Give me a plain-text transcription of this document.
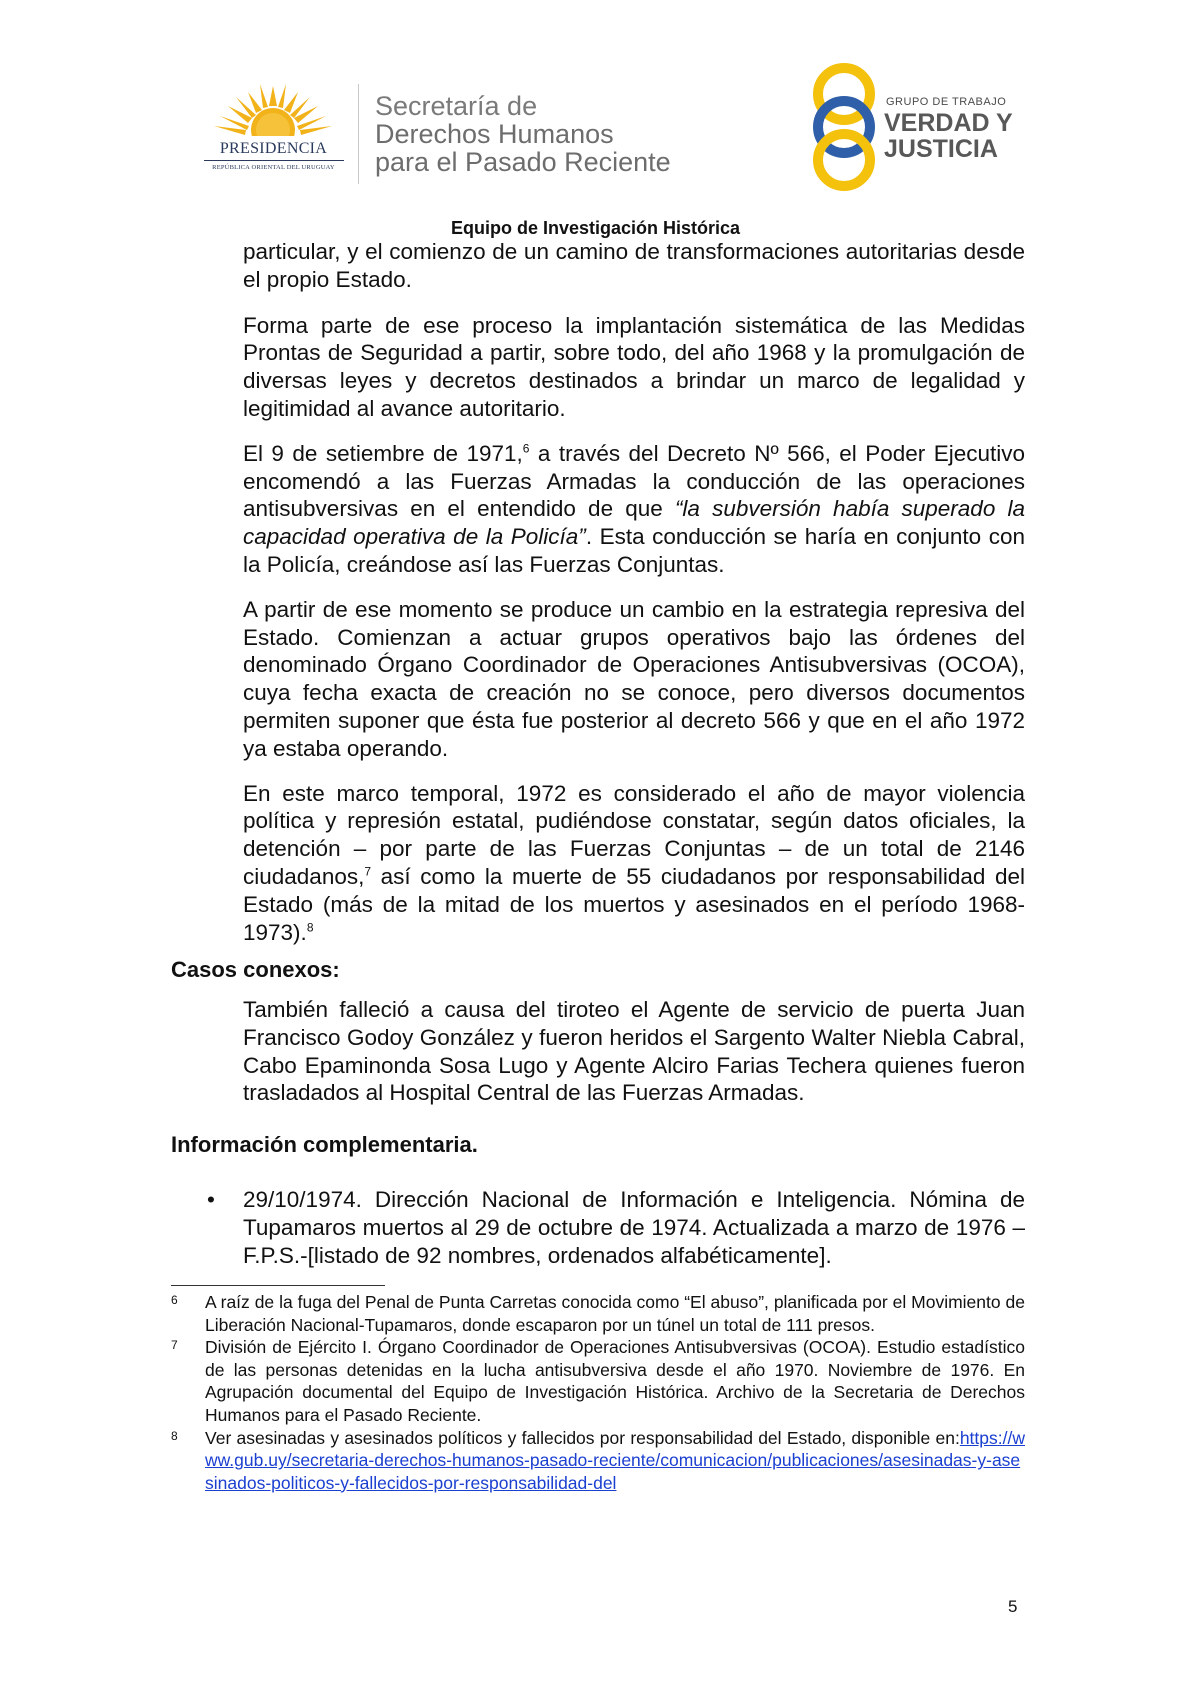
PRESIDENCIA
REPÚBLICA ORIENTAL DEL URUGUAY
Secretaría de
Derechos Humanos
para el Pasado Reciente
GRUPO DE TRABAJO
VERDAD Y
JUSTICIA
Equipo de Investigación Histórica

particular, y el comienzo de un camino de transformaciones autoritarias desde el propio Estado.

Forma parte de ese proceso la implantación sistemática de las Medidas Prontas de Seguridad a partir, sobre todo, del año 1968 y la promulgación de diversas leyes y decretos destinados a brindar un marco de legalidad y legitimidad al avance autoritario.

El 9 de setiembre de 1971,$^6$ a través del Decreto Nº 566, el Poder Ejecutivo encomendó a las Fuerzas Armadas la conducción de las operaciones antisubversivas en el entendido de que “la subversión había superado la capacidad operativa de la Policía”. Esta conducción se haría en conjunto con la Policía, creándose así las Fuerzas Conjuntas.

A partir de ese momento se produce un cambio en la estrategia represiva del Estado. Comienzan a actuar grupos operativos bajo las órdenes del denominado Órgano Coordinador de Operaciones Antisubversivas (OCOA), cuya fecha exacta de creación no se conoce, pero diversos documentos permiten suponer que ésta fue posterior al decreto 566 y que en el año 1972 ya estaba operando.

En este marco temporal, 1972 es considerado el año de mayor violencia política y represión estatal, pudiéndose constatar, según datos oficiales, la detención – por parte de las Fuerzas Conjuntas – de un total de 2146 ciudadanos,$^7$ así como la muerte de 55 ciudadanos por responsabilidad del Estado (más de la mitad de los muertos y asesinados en el período 1968-1973).$^8$

Casos conexos:
También falleció a causa del tiroteo el Agente de servicio de puerta Juan Francisco Godoy González y fueron heridos el Sargento Walter Niebla Cabral, Cabo Epaminonda Sosa Lugo y Agente Alciro Farias Techera quienes fueron trasladados al Hospital Central de las Fuerzas Armadas.
Información complementaria.
• 29/10/1974. Dirección Nacional de Información e Inteligencia. Nómina de Tupamaros muertos al 29 de octubre de 1974. Actualizada a marzo de 1976 –F.P.S.-[listado de 92 nombres, ordenados alfabéticamente].
6 A raíz de la fuga del Penal de Punta Carretas conocida como “El abuso”, planificada por el Movimiento de Liberación Nacional-Tupamaros, donde escaparon por un túnel un total de 111 presos.
7 División de Ejército I. Órgano Coordinador de Operaciones Antisubversivas (OCOA). Estudio estadístico de las personas detenidas en la lucha antisubversiva desde el año 1970. Noviembre de 1976. En Agrupación documental del Equipo de Investigación Histórica. Archivo de la Secretaria de Derechos Humanos para el Pasado Reciente.
8 Ver asesinadas y asesinados políticos y fallecidos por responsabilidad del Estado, disponible en:https://www.gub.uy/secretaria-derechos-humanos-pasado-reciente/comunicacion/publicaciones/asesinadas-y-asesinados-politicos-y-fallecidos-por-responsabilidad-del
5
